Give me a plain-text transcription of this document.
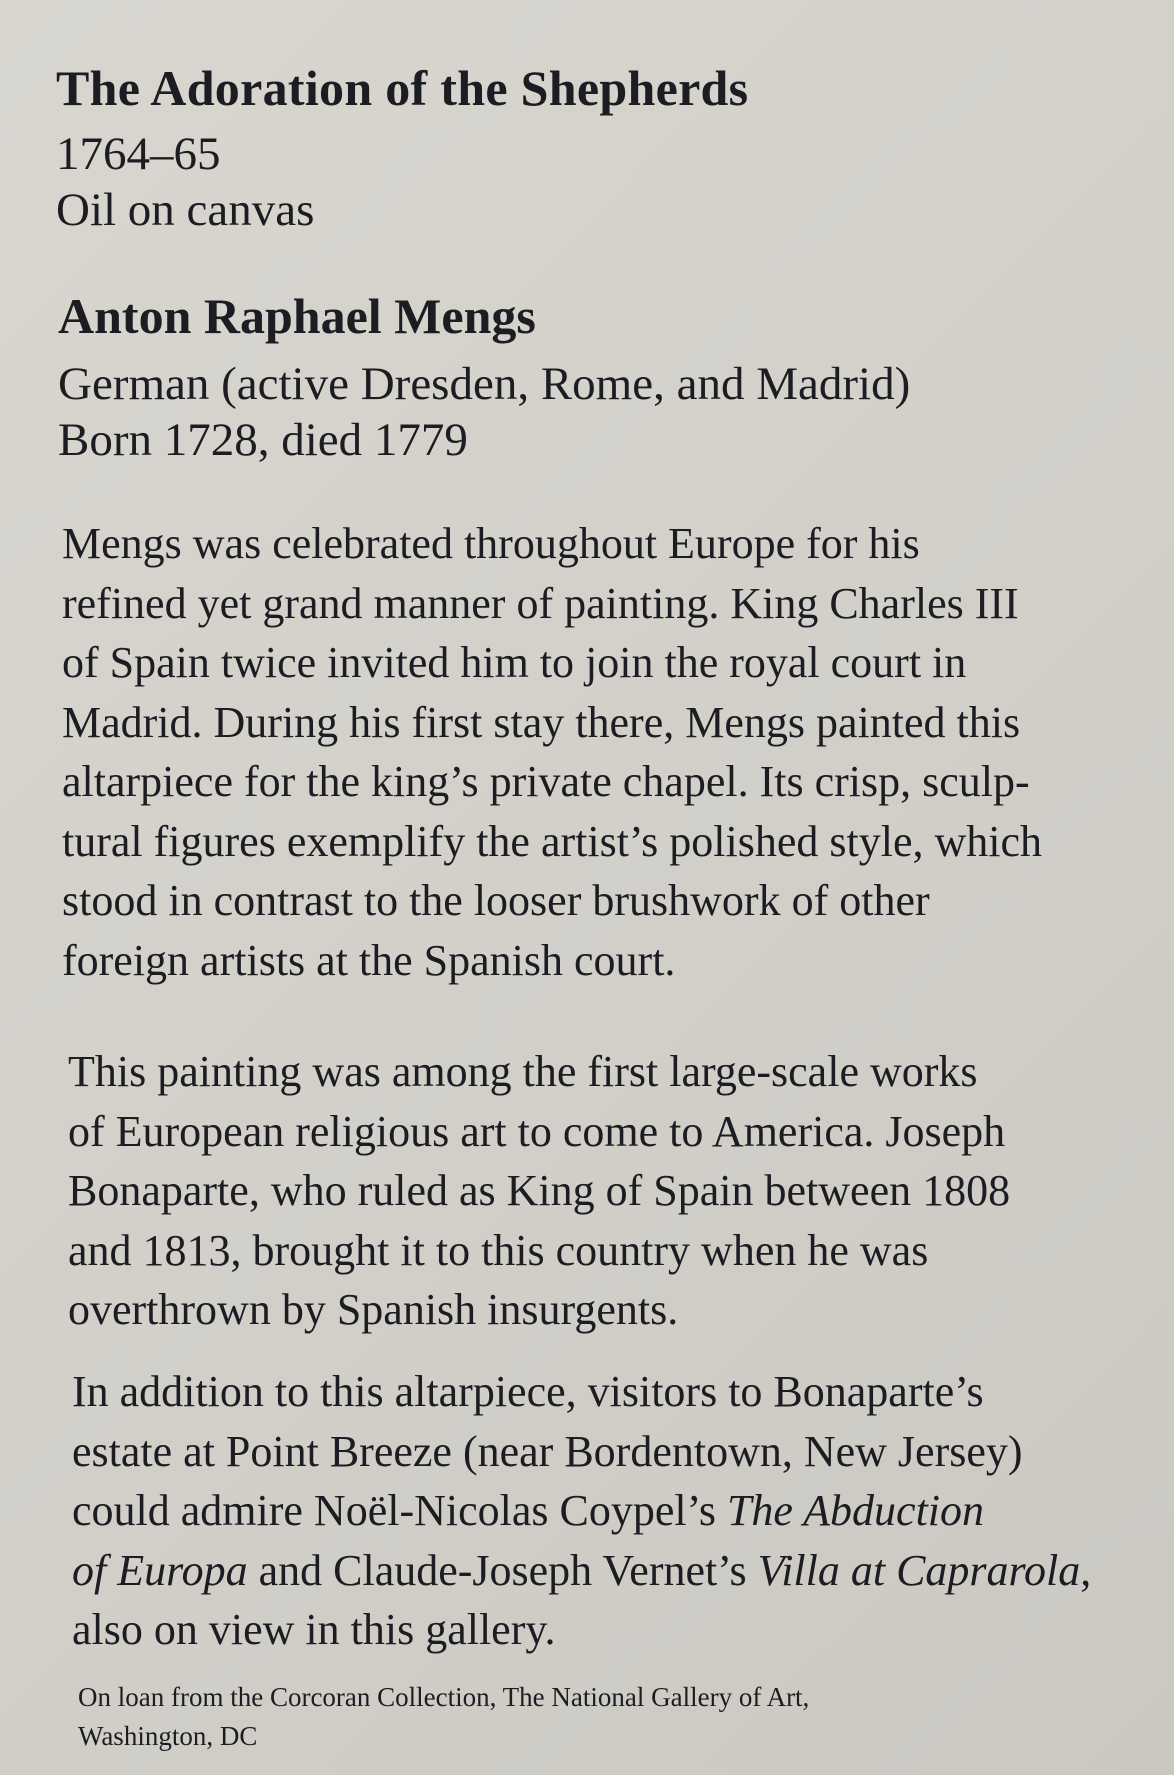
The Adoration of the Shepherds
1764–65
Oil on canvas
Anton Raphael Mengs
German (active Dresden, Rome, and Madrid)
Born 1728, died 1779

Mengs was celebrated throughout Europe for his
refined yet grand manner of painting. King Charles III
of Spain twice invited him to join the royal court in
Madrid. During his first stay there, Mengs painted this
altarpiece for the king’s private chapel. Its crisp, sculp-
tural figures exemplify the artist’s polished style, which
stood in contrast to the looser brushwork of other
foreign artists at the Spanish court.

This painting was among the first large-scale works
of European religious art to come to America. Joseph
Bonaparte, who ruled as King of Spain between 1808
and 1813, brought it to this country when he was
overthrown by Spanish insurgents.

In addition to this altarpiece, visitors to Bonaparte’s
estate at Point Breeze (near Bordentown, New Jersey)
could admire Noël-Nicolas Coypel’s The Abduction
of Europa and Claude-Joseph Vernet’s Villa at Caprarola,
also on view in this gallery.

On loan from the Corcoran Collection, The National Gallery of Art,
Washington, DC
